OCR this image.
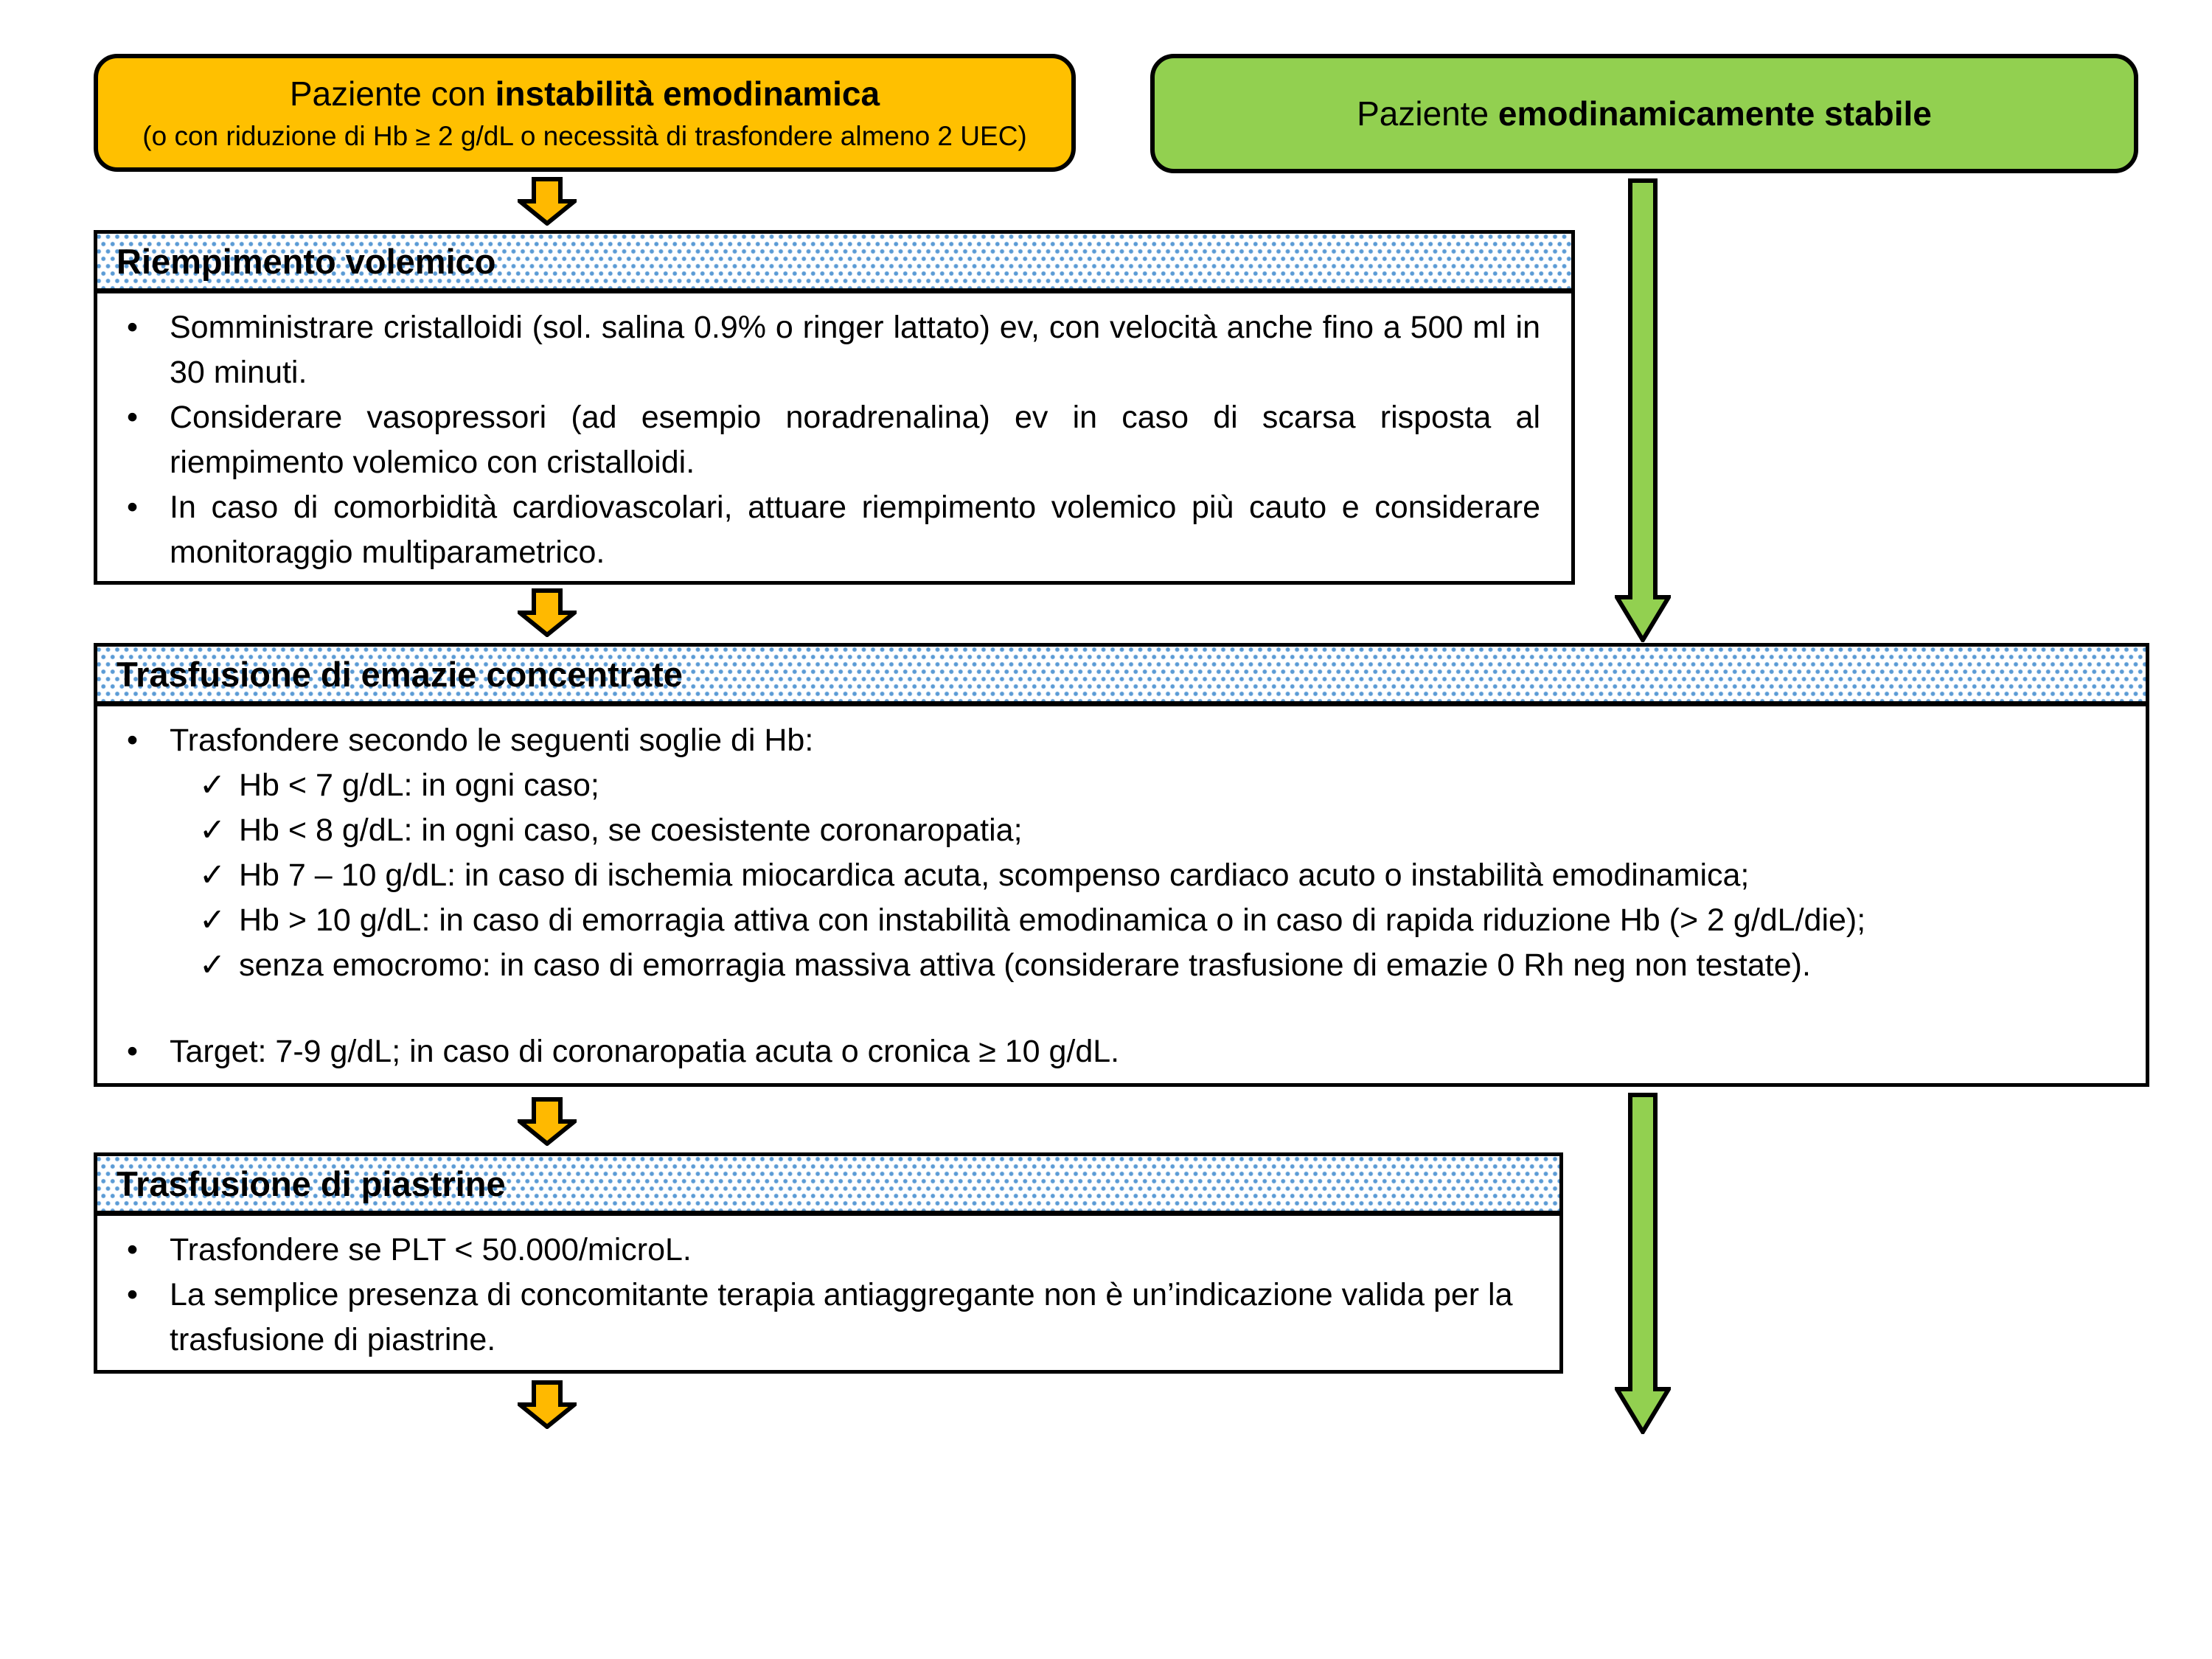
Paziente con instabilità emodinamica
(o con riduzione di Hb ≥ 2 g/dL o necessità di trasfondere almeno 2 UEC)
Paziente emodinamicamente stabile
Riempimento volemico
• Somministrare cristalloidi (sol. salina 0.9% o ringer lattato) ev, con velocità anche fino a 500 ml in 30 minuti.
• Considerare vasopressori (ad esempio noradrenalina) ev in caso di scarsa risposta al riempimento volemico con cristalloidi.
• In caso di comorbidità cardiovascolari, attuare riempimento volemico più cauto e considerare monitoraggio multiparametrico.
Trasfusione di emazie concentrate
• Trasfondere secondo le seguenti soglie di Hb:
✓ Hb < 7 g/dL: in ogni caso;
✓ Hb < 8 g/dL: in ogni caso, se coesistente coronaropatia;
✓ Hb 7 – 10 g/dL: in caso di ischemia miocardica acuta, scompenso cardiaco acuto o instabilità emodinamica;
✓ Hb > 10 g/dL: in caso di emorragia attiva con instabilità emodinamica o in caso di rapida riduzione Hb (> 2 g/dL/die);
✓ senza emocromo: in caso di emorragia massiva attiva (considerare trasfusione di emazie 0 Rh neg non testate).
• Target: 7-9 g/dL; in caso di coronaropatia acuta o cronica ≥ 10 g/dL.
Trasfusione di piastrine
• Trasfondere se PLT < 50.000/microL.
• La semplice presenza di concomitante terapia antiaggregante non è un’indicazione valida per la trasfusione di piastrine.
